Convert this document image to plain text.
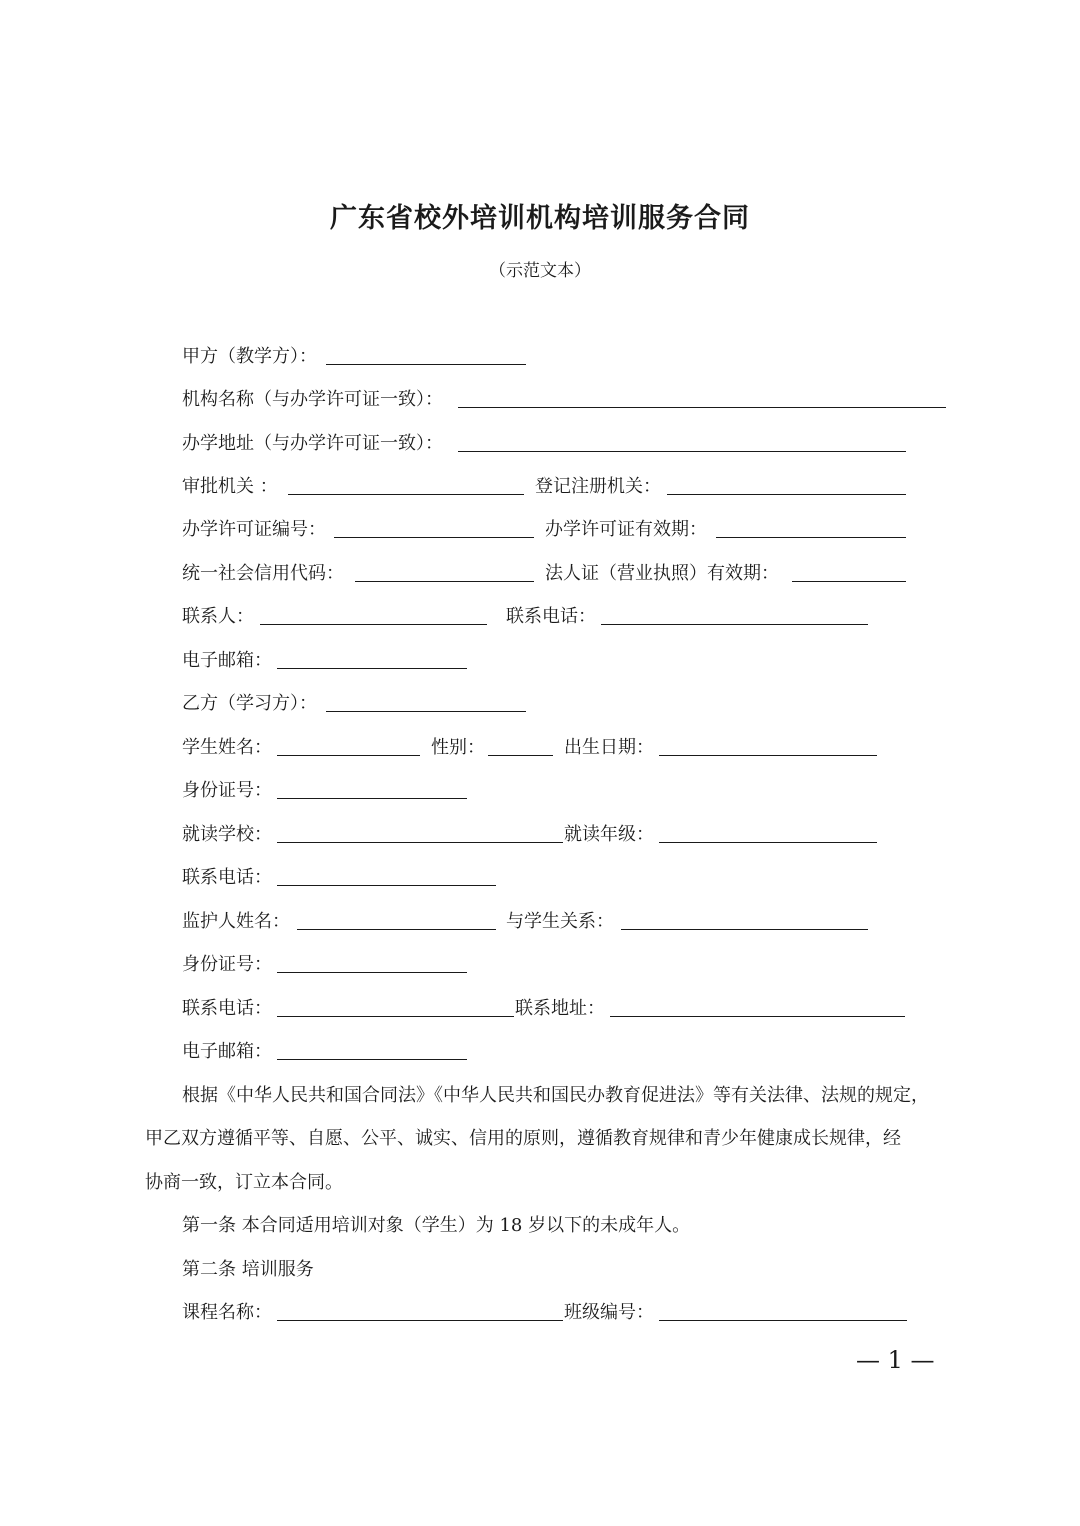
广东省校外培训机构培训服务合同
（示范文本）
甲方（教学方）：
机构名称（与办学许可证一致）：
办学地址（与办学许可证一致）：
审批机关 ：	登记注册机关：
办学许可证编号：	办学许可证有效期：
统一社会信用代码：	法人证（营业执照）有效期：
联系人：	联系电话：
电子邮箱：
乙方（学习方）：
学生姓名：	性别：	出生日期：
身份证号：
就读学校：	就读年级：
联系电话：
监护人姓名：	与学生关系：
身份证号：
联系电话：	联系地址：
电子邮箱：
根据《中华人民共和国合同法》《中华人民共和国民办教育促进法》等有关法律、法规的规定，
甲乙双方遵循平等、自愿、公平、诚实、信用的原则，遵循教育规律和青少年健康成长规律，经
协商一致，订立本合同。
第一条 本合同适用培训对象（学生）为 18 岁以下的未成年人。
第二条 培训服务
课程名称：	班级编号：
— 1 —
